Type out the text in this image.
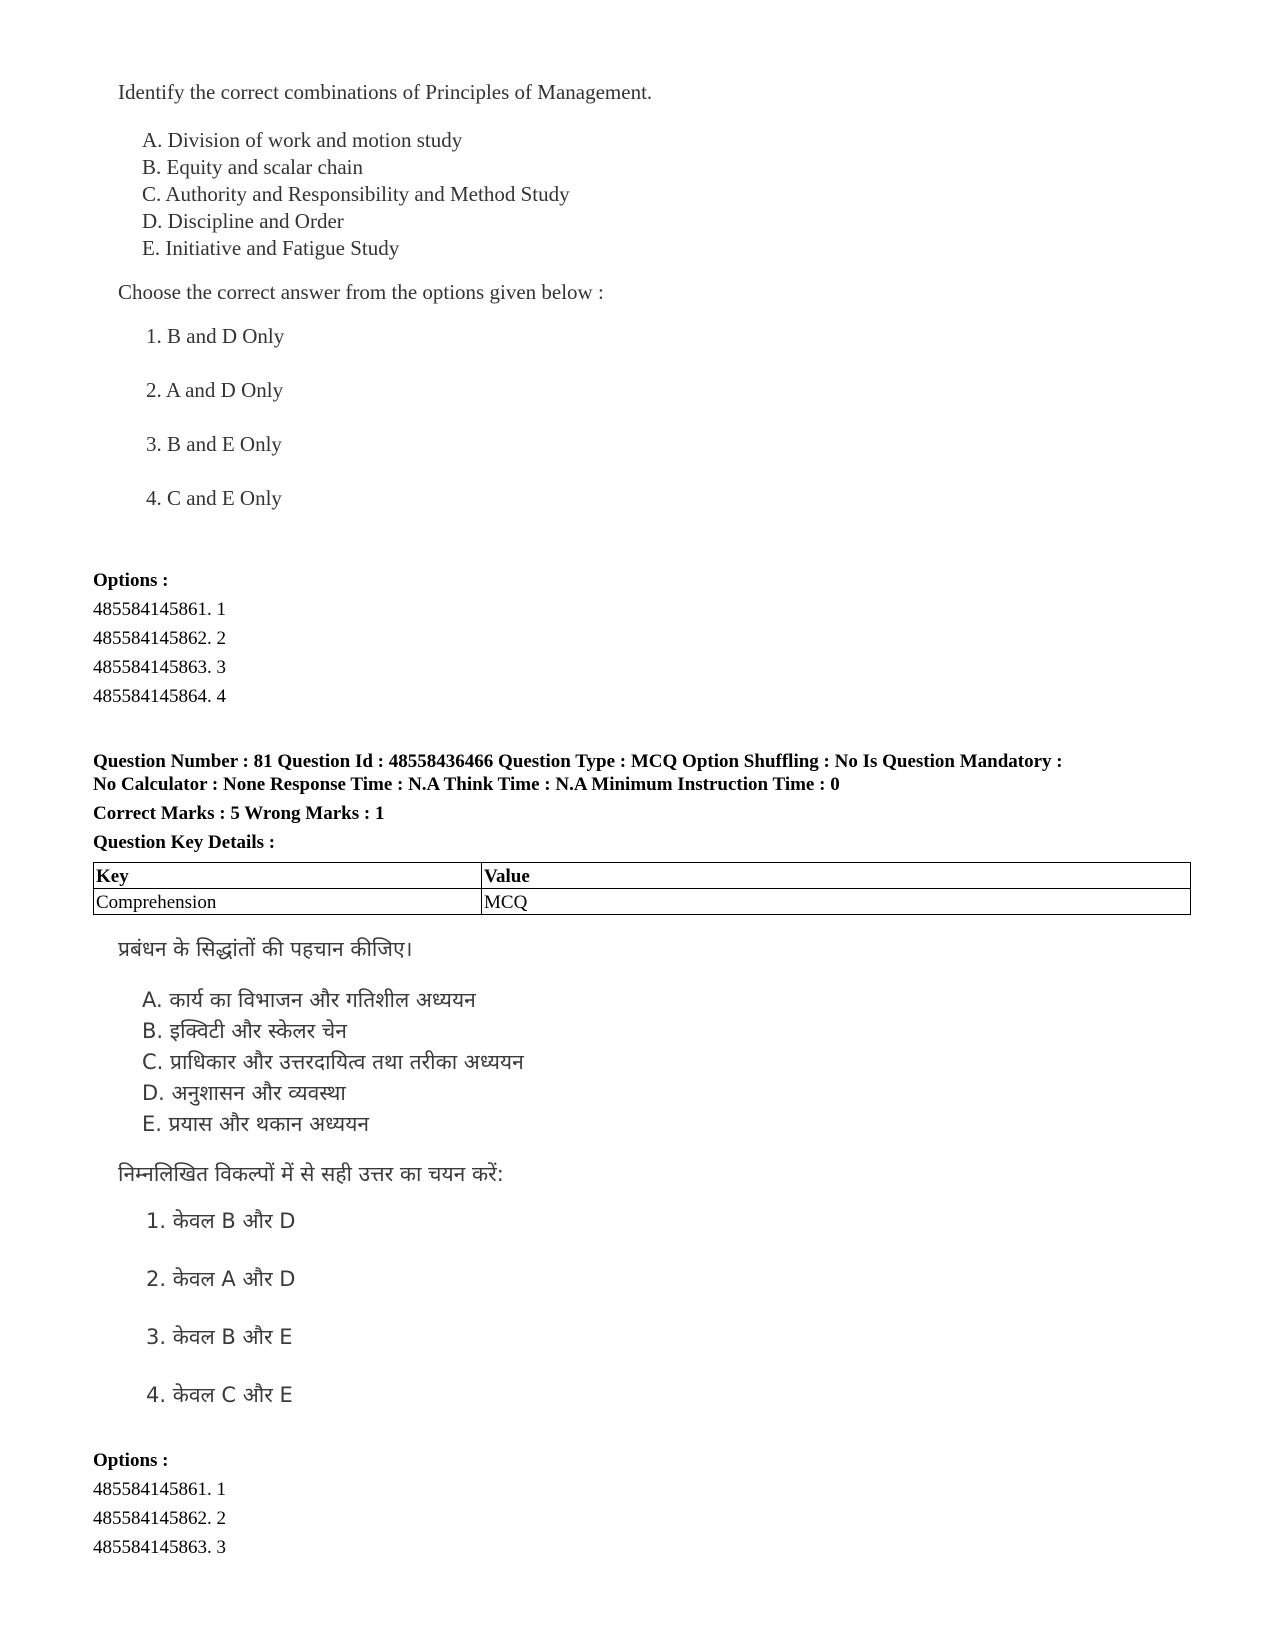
Identify the correct combinations of Principles of Management.

A. Division of work and motion study
B. Equity and scalar chain
C. Authority and Responsibility and Method Study
D. Discipline and Order
E. Initiative and Fatigue Study

Choose the correct answer from the options given below :

1. B and D Only
2. A and D Only
3. B and E Only
4. C and E Only
Options :
485584145861. 1
485584145862. 2
485584145863. 3
485584145864. 4
Question Number : 81 Question Id : 48558436466 Question Type : MCQ Option Shuffling : No Is Question Mandatory :
No Calculator : None Response Time : N.A Think Time : N.A Minimum Instruction Time : 0
Correct Marks : 5 Wrong Marks : 1
Question Key Details :
Key	Value
Comprehension	MCQ

प्रबंधन के सिद्धांतों की पहचान कीजिए।

A. कार्य का विभाजन और गतिशील अध्ययन
B. इक्विटी और स्केलर चेन
C. प्राधिकार और उत्तरदायित्व तथा तरीका अध्ययन
D. अनुशासन और व्यवस्था
E. प्रयास और थकान अध्ययन

निम्नलिखित विकल्पों में से सही उत्तर का चयन करें:

1. केवल B और D
2. केवल A और D
3. केवल B और E
4. केवल C और E
Options :
485584145861. 1
485584145862. 2
485584145863. 3
